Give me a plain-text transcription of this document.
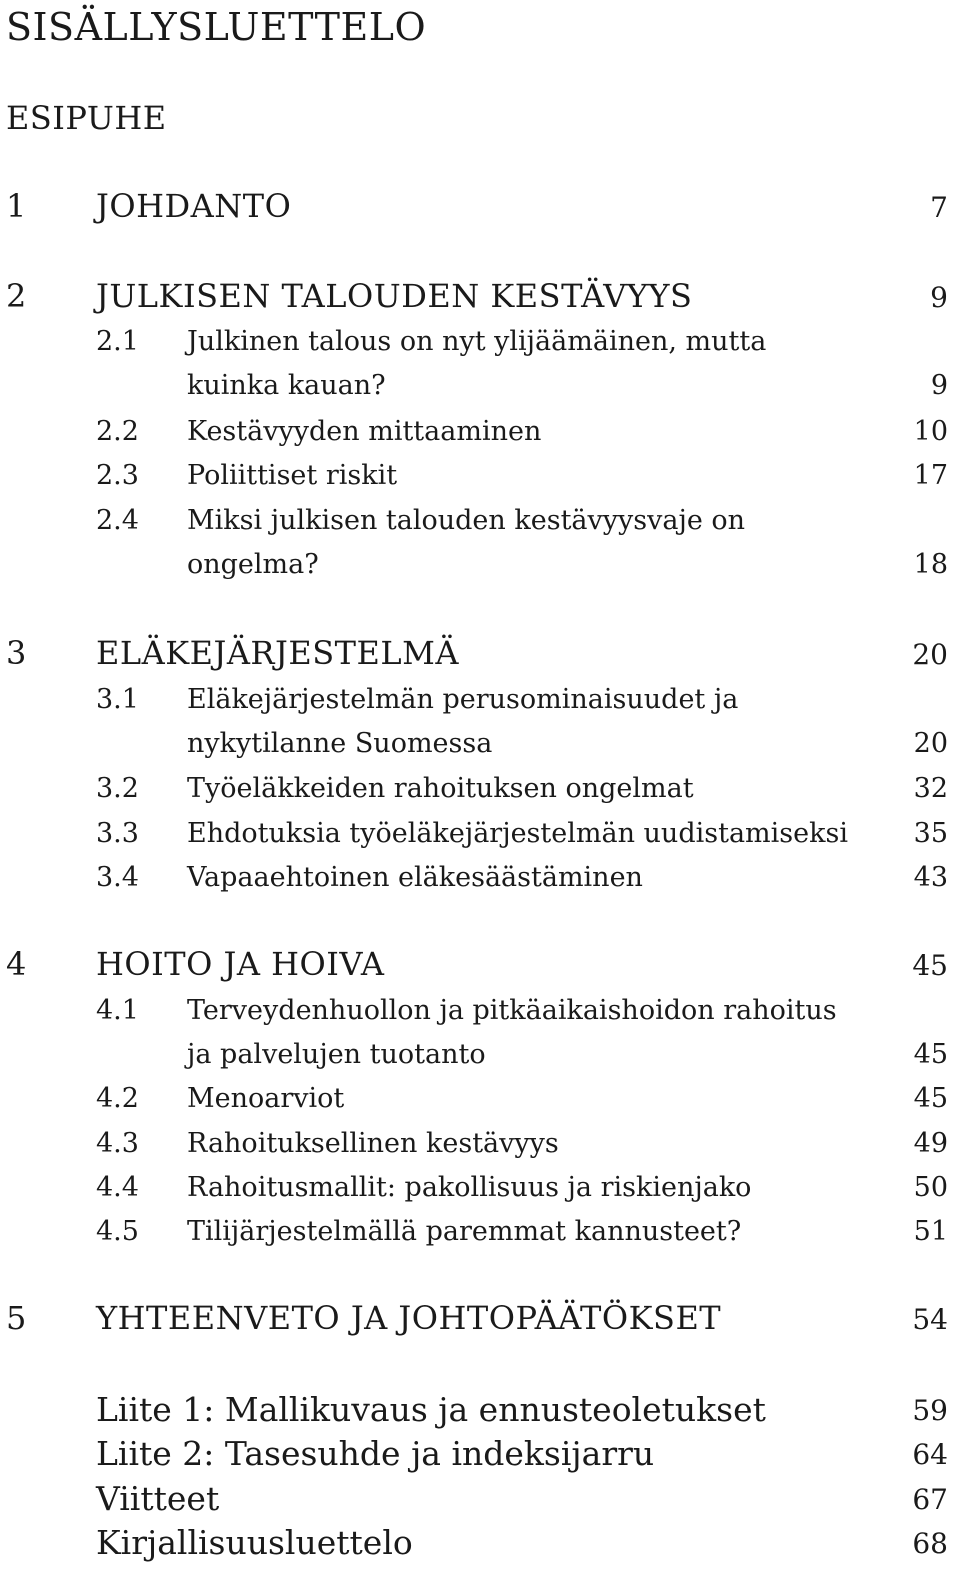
SISÄLLYSLUETTELO
ESIPUHE
1 JOHDANTO	7
2 JULKISEN TALOUDEN KESTÄVYYS	9
2.1 Julkinen talous on nyt ylijäämäinen, mutta
kuinka kauan?	9
2.2 Kestävyyden mittaaminen	10
2.3 Poliittiset riskit	17
2.4 Miksi julkisen talouden kestävyysvaje on
ongelma?	18
3 ELÄKEJÄRJESTELMÄ	20
3.1 Eläkejärjestelmän perusominaisuudet ja
nykytilanne Suomessa	20
3.2 Työeläkkeiden rahoituksen ongelmat	32
3.3 Ehdotuksia työeläkejärjestelmän uudistamiseksi 35
3.4 Vapaaehtoinen eläkesäästäminen	43
4 HOITO JA HOIVA	45
4.1 Terveydenhuollon ja pitkäaikaishoidon rahoitus
ja palvelujen tuotanto	45
4.2 Menoarviot	45
4.3 Rahoituksellinen kestävyys	49
4.4 Rahoitusmallit: pakollisuus ja riskienjako	50
4.5 Tilijärjestelmällä paremmat kannusteet?	51
5 YHTEENVETO JA JOHTOPÄÄTÖKSET	54
Liite 1: Mallikuvaus ja ennusteoletukset	59
Liite 2: Tasesuhde ja indeksijarru	64
Viitteet	67
Kirjallisuusluettelo	68
